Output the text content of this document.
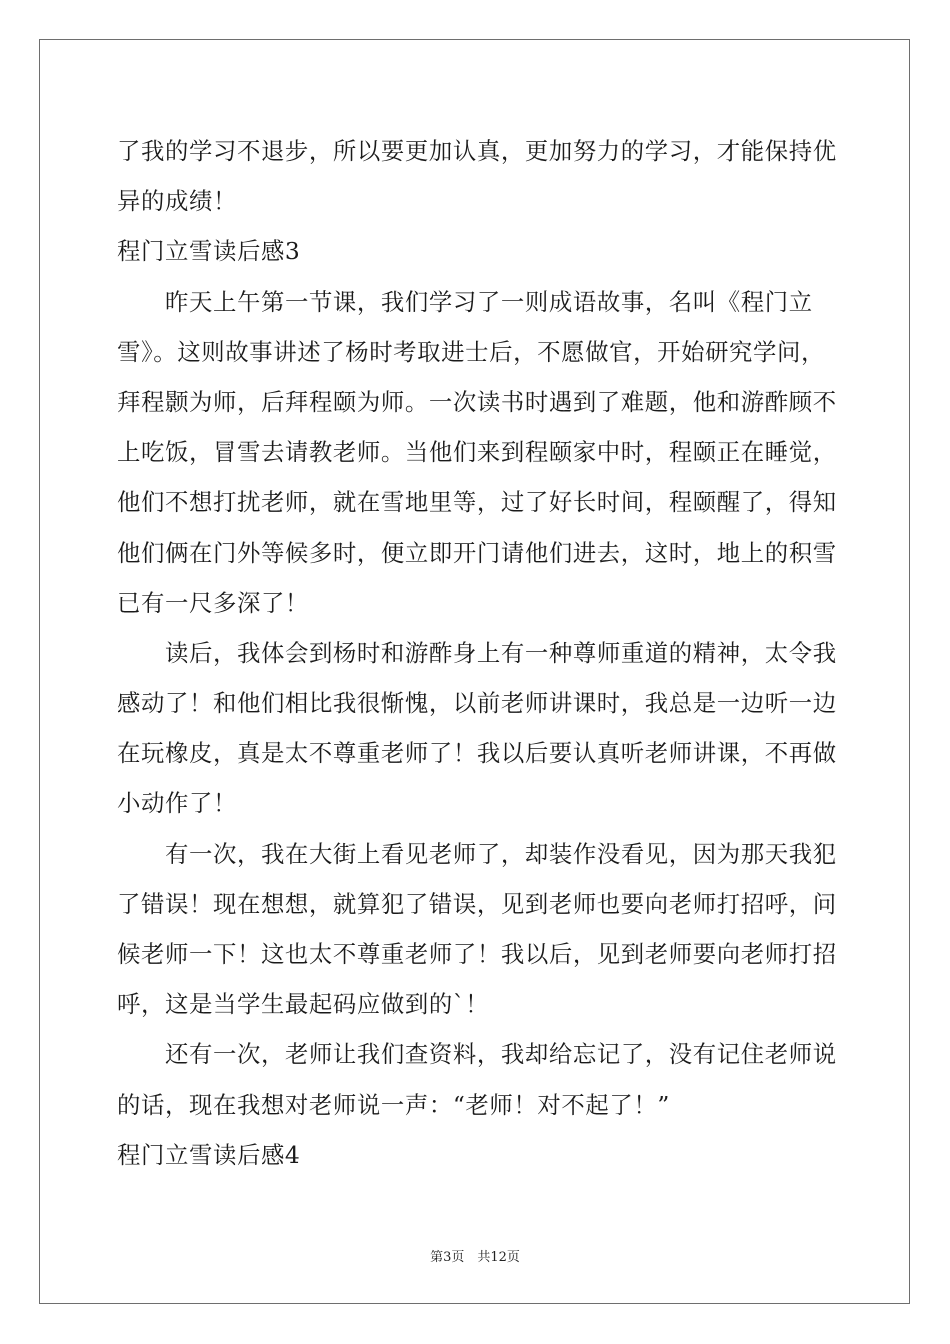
了我的学习不退步，所以要更加认真，更加努力的学习，才能保持优
异的成绩！
程门立雪读后感3
昨天上午第一节课，我们学习了一则成语故事，名叫《程门立
雪》。这则故事讲述了杨时考取进士后，不愿做官，开始研究学问，
拜程颢为师，后拜程颐为师。一次读书时遇到了难题，他和游酢顾不
上吃饭，冒雪去请教老师。当他们来到程颐家中时，程颐正在睡觉，
他们不想打扰老师，就在雪地里等，过了好长时间，程颐醒了，得知
他们俩在门外等候多时，便立即开门请他们进去，这时，地上的积雪
已有一尺多深了！
读后，我体会到杨时和游酢身上有一种尊师重道的精神，太令我
感动了！和他们相比我很惭愧，以前老师讲课时，我总是一边听一边
在玩橡皮，真是太不尊重老师了！我以后要认真听老师讲课，不再做
小动作了！
有一次，我在大街上看见老师了，却装作没看见，因为那天我犯
了错误！现在想想，就算犯了错误，见到老师也要向老师打招呼，问
候老师一下！这也太不尊重老师了！我以后，见到老师要向老师打招
呼，这是当学生最起码应做到的`！
还有一次，老师让我们查资料，我却给忘记了，没有记住老师说
的话，现在我想对老师说一声：“老师！对不起了！”
程门立雪读后感4
第3页　共12页
